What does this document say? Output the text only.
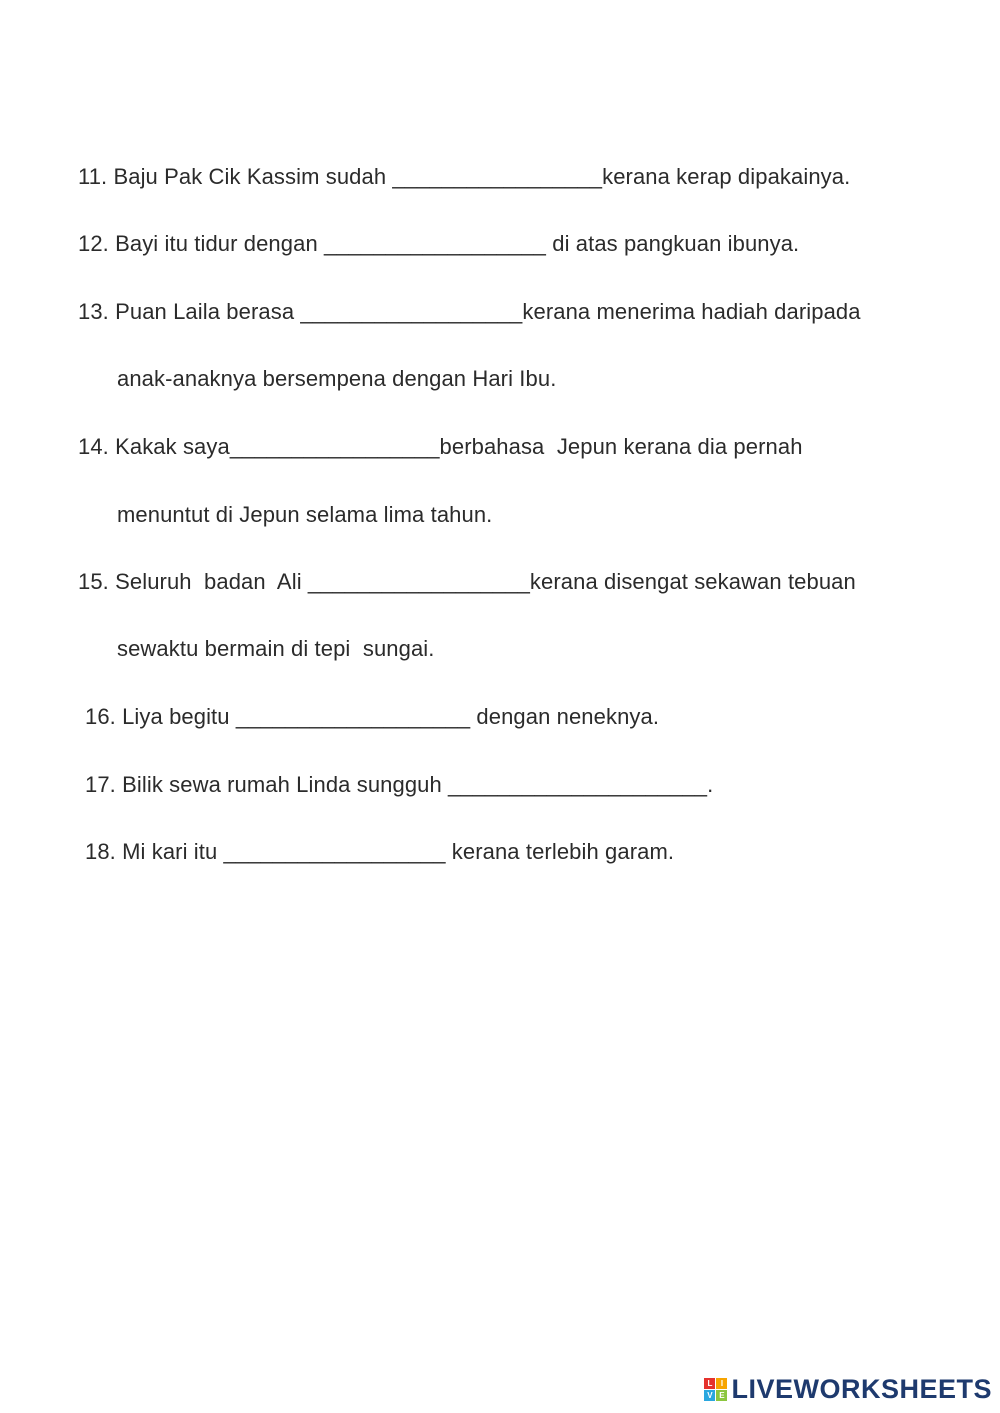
11. Baju Pak Cik Kassim sudah _________________kerana kerap dipakainya.
12. Bayi itu tidur dengan __________________ di atas pangkuan ibunya.
13. Puan Laila berasa __________________kerana menerima hadiah daripada
anak-anaknya bersempena dengan Hari Ibu.
14. Kakak saya_________________berbahasa  Jepun kerana dia pernah
menuntut di Jepun selama lima tahun.
15. Seluruh  badan  Ali __________________kerana disengat sekawan tebuan
sewaktu bermain di tepi  sungai.
16. Liya begitu ___________________ dengan neneknya.
17. Bilik sewa rumah Linda sungguh _____________________.
18. Mi kari itu __________________ kerana terlebih garam.
L	I
V E LIVEWORKSHEETS
